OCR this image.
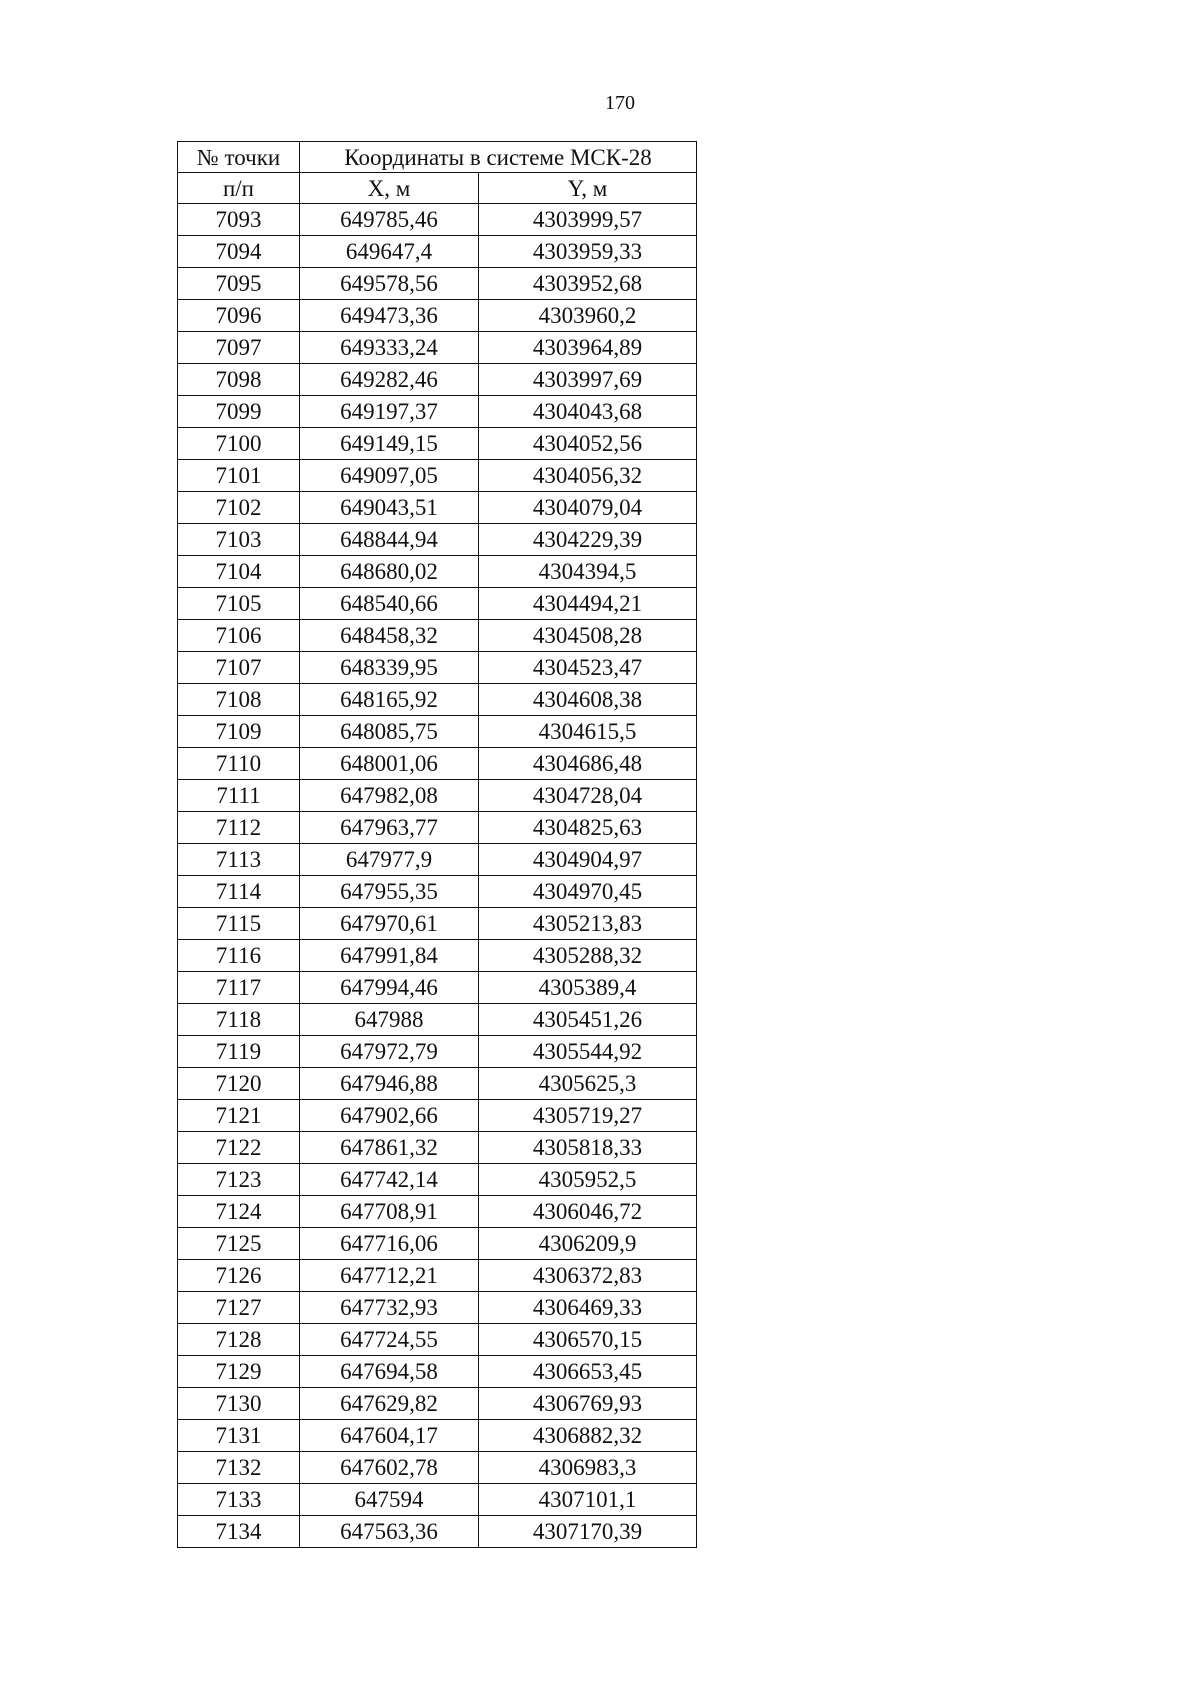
170
№ точки	Координаты в системе МСК-28	
п/п	X, м	Y, м
7093	649785,46	4303999,57
7094	649647,4	4303959,33
7095	649578,56	4303952,68
7096	649473,36	4303960,2
7097	649333,24	4303964,89
7098	649282,46	4303997,69
7099	649197,37	4304043,68
7100	649149,15	4304052,56
7101	649097,05	4304056,32
7102	649043,51	4304079,04
7103	648844,94	4304229,39
7104	648680,02	4304394,5
7105	648540,66	4304494,21
7106	648458,32	4304508,28
7107	648339,95	4304523,47
7108	648165,92	4304608,38
7109	648085,75	4304615,5
7110	648001,06	4304686,48
7111	647982,08	4304728,04
7112	647963,77	4304825,63
7113	647977,9	4304904,97
7114	647955,35	4304970,45
7115	647970,61	4305213,83
7116	647991,84	4305288,32
7117	647994,46	4305389,4
7118	647988	4305451,26
7119	647972,79	4305544,92
7120	647946,88	4305625,3
7121	647902,66	4305719,27
7122	647861,32	4305818,33
7123	647742,14	4305952,5
7124	647708,91	4306046,72
7125	647716,06	4306209,9
7126	647712,21	4306372,83
7127	647732,93	4306469,33
7128	647724,55	4306570,15
7129	647694,58	4306653,45
7130	647629,82	4306769,93
7131	647604,17	4306882,32
7132	647602,78	4306983,3
7133	647594	4307101,1
7134	647563,36	4307170,39
